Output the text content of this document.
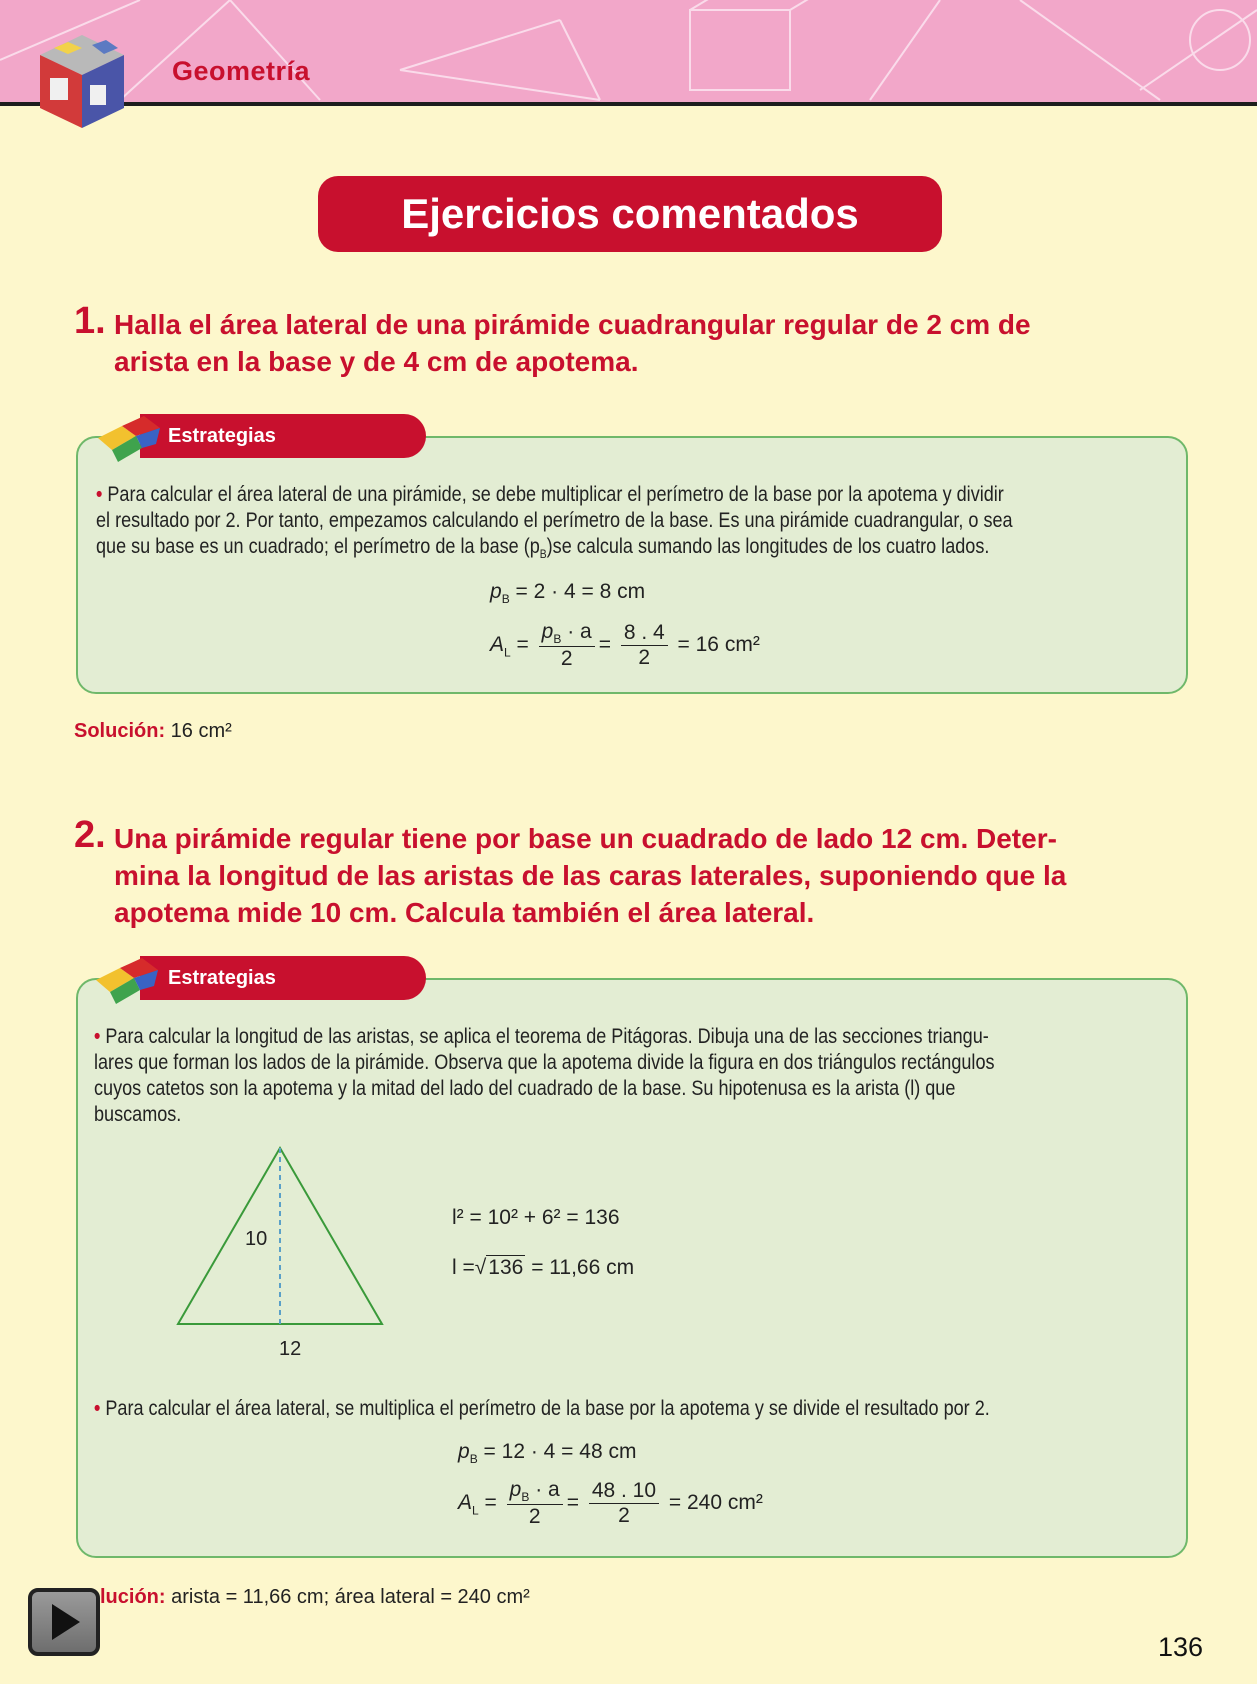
Geometría
Ejercicios comentados
1. Halla el área lateral de una pirámide cuadrangular regular de 2 cm de
arista en la base y de 4 cm de apotema.
Estrategias
• Para calcular el área lateral de una pirámide, se debe multiplicar el perímetro de la base por la apotema y dividir
el resultado por 2. Por tanto, empezamos calculando el perímetro de la base. Es una pirámide cuadrangular, o sea
que su base es un cuadrado; el perímetro de la base $(p_B)se$ calcula sumando las longitudes de los cuatro lados.
$p_B = 2 \cdot 4 = 8$ cm
$A_L = \frac{p_B \cdot a}{2} = \frac{8 . 4}{2} = 16$ cm²
Solución: 16 cm²
2. Una pirámide regular tiene por base un cuadrado de lado 12 cm. Deter-
mina la longitud de las aristas de las caras laterales, suponiendo que la
apotema mide 10 cm. Calcula también el área lateral.
Estrategias
• Para calcular la longitud de las aristas, se aplica el teorema de Pitágoras. Dibuja una de las secciones triangu-
lares que forman los lados de la pirámide. Observa que la apotema divide la figura en dos triángulos rectángulos
cuyos catetos son la apotema y la mitad del lado del cuadrado de la base. Su hipotenusa es la arista (l) que
buscamos.
10
12
l² = 10² + 6² = 136
l =√136 = 11,66 cm
• Para calcular el área lateral, se multiplica el perímetro de la base por la apotema y se divide el resultado por 2.
$p_B = 12 \cdot 4 = 48$ cm
$A_L = \frac{p_B \cdot a}{2} = \frac{48 . 10}{2} = 240$ cm²
lución: arista = 11,66 cm; área lateral = 240 cm²
136
